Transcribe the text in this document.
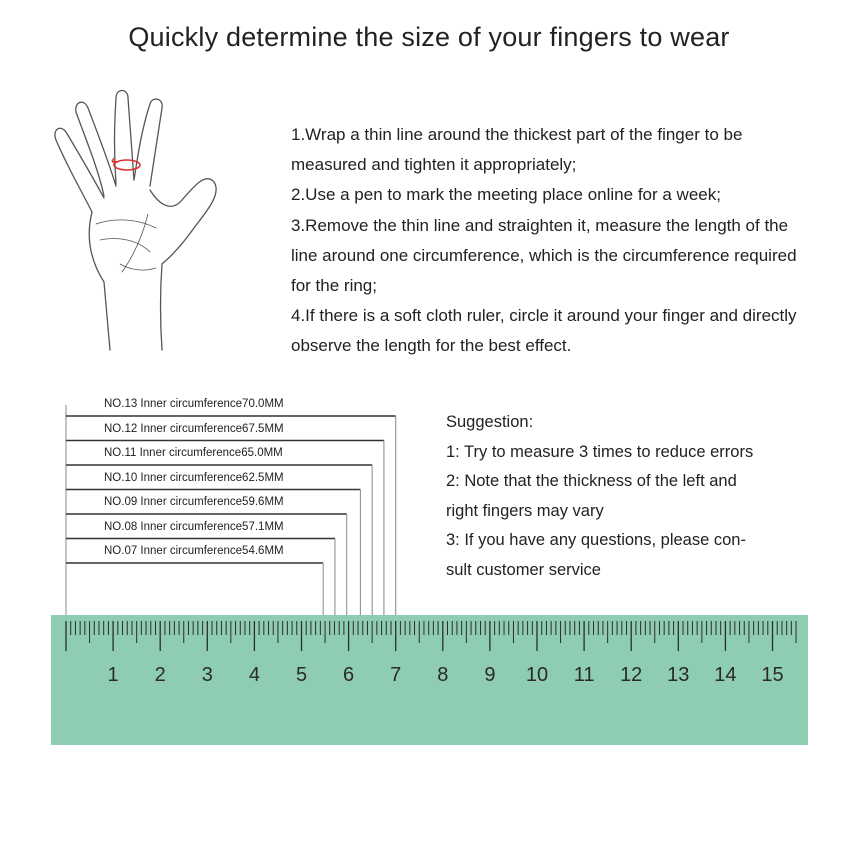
Quickly determine the size of your fingers to wear
1.Wrap a thin line around the thickest part of the finger to be measured and tighten it appropriately;
2.Use a pen to mark the meeting place online for a week;
3.Remove the thin line and straighten it, measure the length of the line around one circumference, which is the circumference required for the ring;
4.If there is a soft cloth ruler, circle it around your finger and directly observe the length for the best effect.
NO.13 Inner circumference70.0MM
NO.12 Inner circumference67.5MM
NO.11 Inner circumference65.0MM
NO.10 Inner circumference62.5MM
NO.09 Inner circumference59.6MM
NO.08 Inner circumference57.1MM
NO.07 Inner circumference54.6MM
Suggestion:
1: Try to measure 3 times to reduce errors
2: Note that the thickness of the left and
right fingers may vary
3: If you have any questions, please con-
sult customer service
1 2 3 4 5 6 7 8 9 10 11 12 13 14 15
